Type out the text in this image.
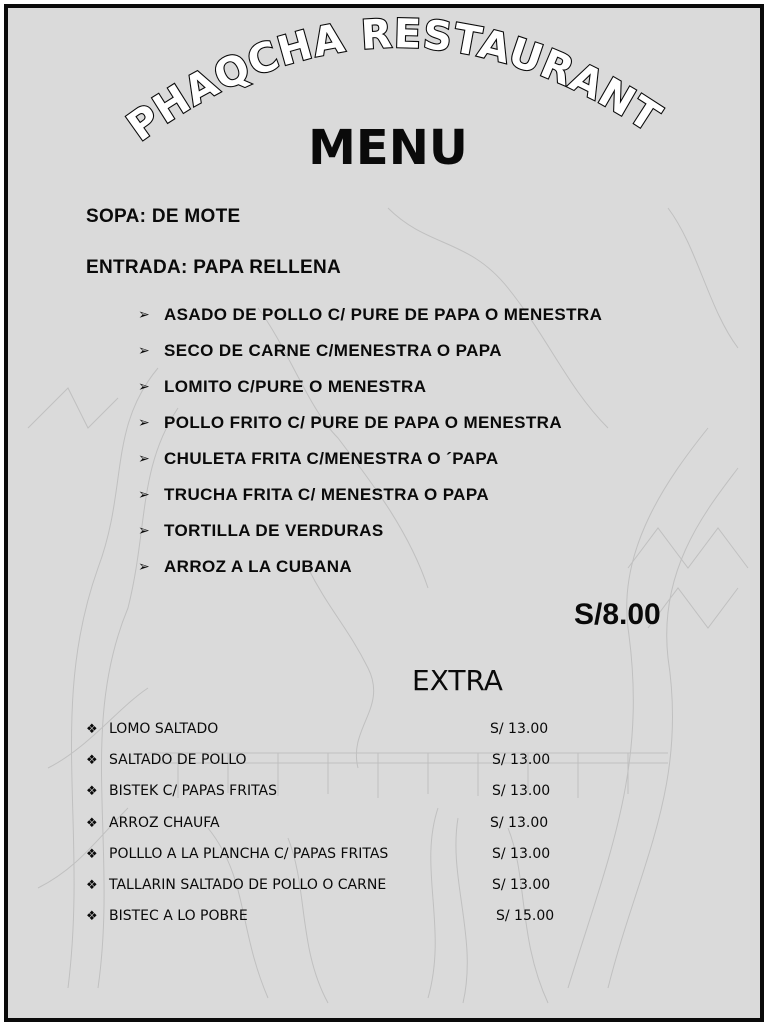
PHAQCHA RESTAURANT
MENU
SOPA: DE MOTE
ENTRADA: PAPA RELLENA
➢ ASADO DE POLLO C/ PURE DE PAPA O MENESTRA
➢ SECO DE CARNE C/MENESTRA O PAPA
➢ LOMITO C/PURE O MENESTRA
➢ POLLO FRITO C/ PURE DE PAPA O MENESTRA
➢ CHULETA FRITA C/MENESTRA O ´PAPA
➢ TRUCHA FRITA C/ MENESTRA O PAPA
➢ TORTILLA DE VERDURAS
➢ ARROZ A LA CUBANA
S/8.00
EXTRA
❖ LOMO SALTADO	S/ 13.00
❖ SALTADO DE POLLO	S/ 13.00
❖ BISTEK C/ PAPAS FRITAS	S/ 13.00
❖ ARROZ CHAUFA	S/ 13.00
❖ POLLLO A LA PLANCHA C/ PAPAS FRITAS	S/ 13.00
❖ TALLARIN SALTADO DE POLLO O CARNE	S/ 13.00
❖ BISTEC A LO POBRE	S/ 15.00
